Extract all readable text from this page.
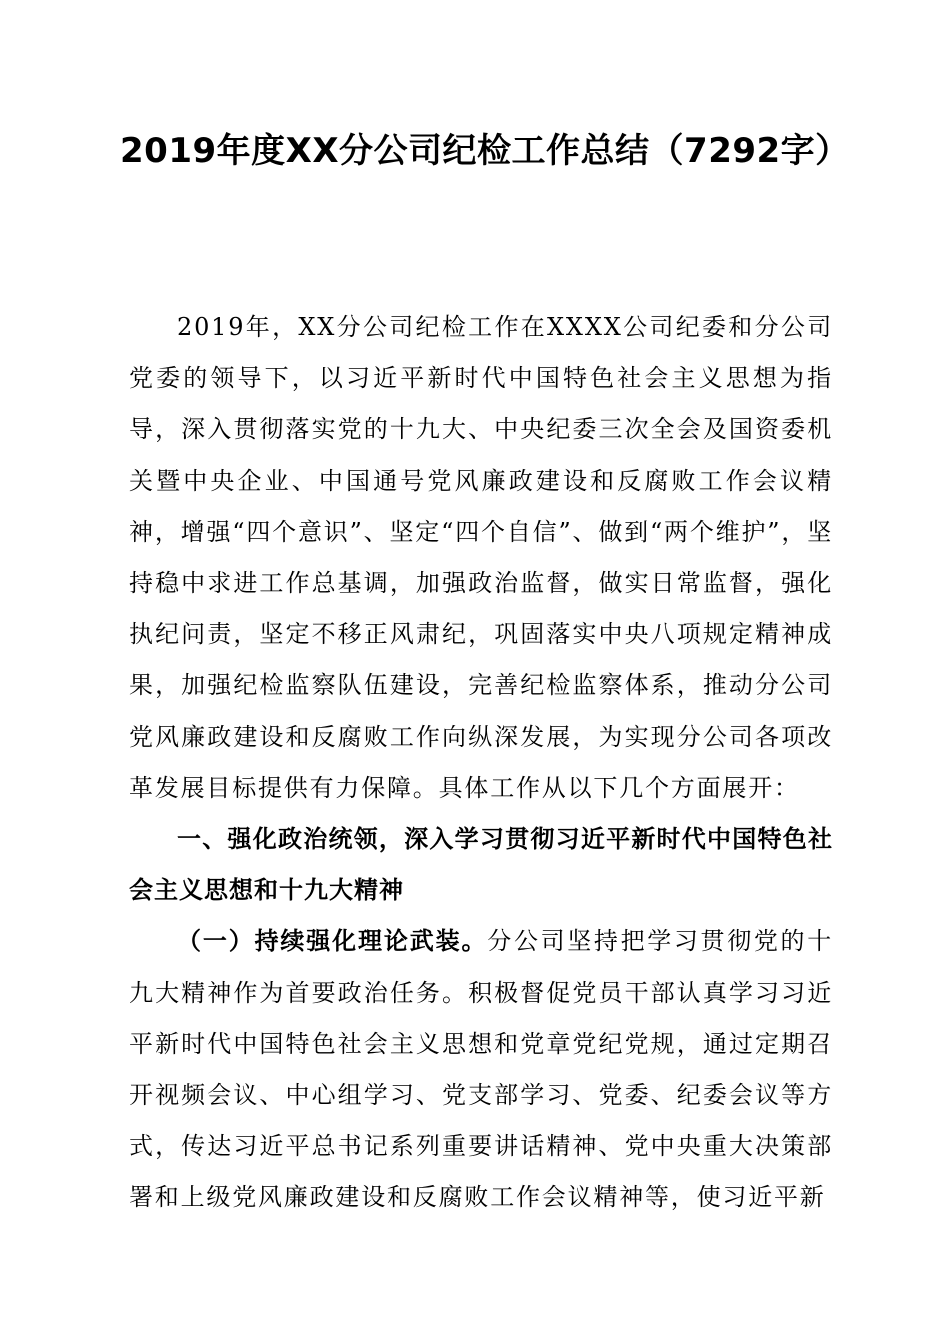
2019年度XX分公司纪检工作总结（7292字）

2019年，XX分公司纪检工作在XXXX公司纪委和分公司党委的领导下，以习近平新时代中国特色社会主义思想为指导，深入贯彻落实党的十九大、中央纪委三次全会及国资委机关暨中央企业、中国通号党风廉政建设和反腐败工作会议精神，增强“四个意识”、坚定“四个自信”、做到“两个维护”，坚持稳中求进工作总基调，加强政治监督，做实日常监督，强化执纪问责，坚定不移正风肃纪，巩固落实中央八项规定精神成果，加强纪检监察队伍建设，完善纪检监察体系，推动分公司党风廉政建设和反腐败工作向纵深发展，为实现分公司各项改革发展目标提供有力保障。具体工作从以下几个方面展开：

一、强化政治统领，深入学习贯彻习近平新时代中国特色社会主义思想和十九大精神

（一）持续强化理论武装。分公司坚持把学习贯彻党的十九大精神作为首要政治任务。积极督促党员干部认真学习习近平新时代中国特色社会主义思想和党章党纪党规，通过定期召开视频会议、中心组学习、党支部学习、党委、纪委会议等方式，传达习近平总书记系列重要讲话精神、党中央重大决策部署和上级党风廉政建设和反腐败工作会议精神等，使习近平新
